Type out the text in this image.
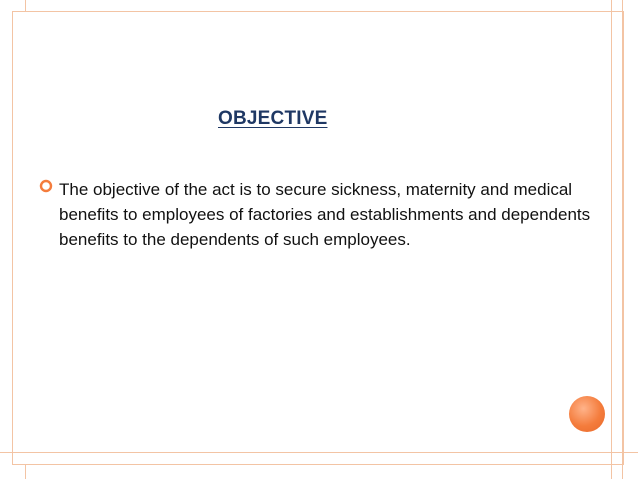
OBJECTIVE
The objective of the act is to secure sickness, maternity and medical benefits to employees of factories and establishments and dependents benefits to the dependents of such employees.
